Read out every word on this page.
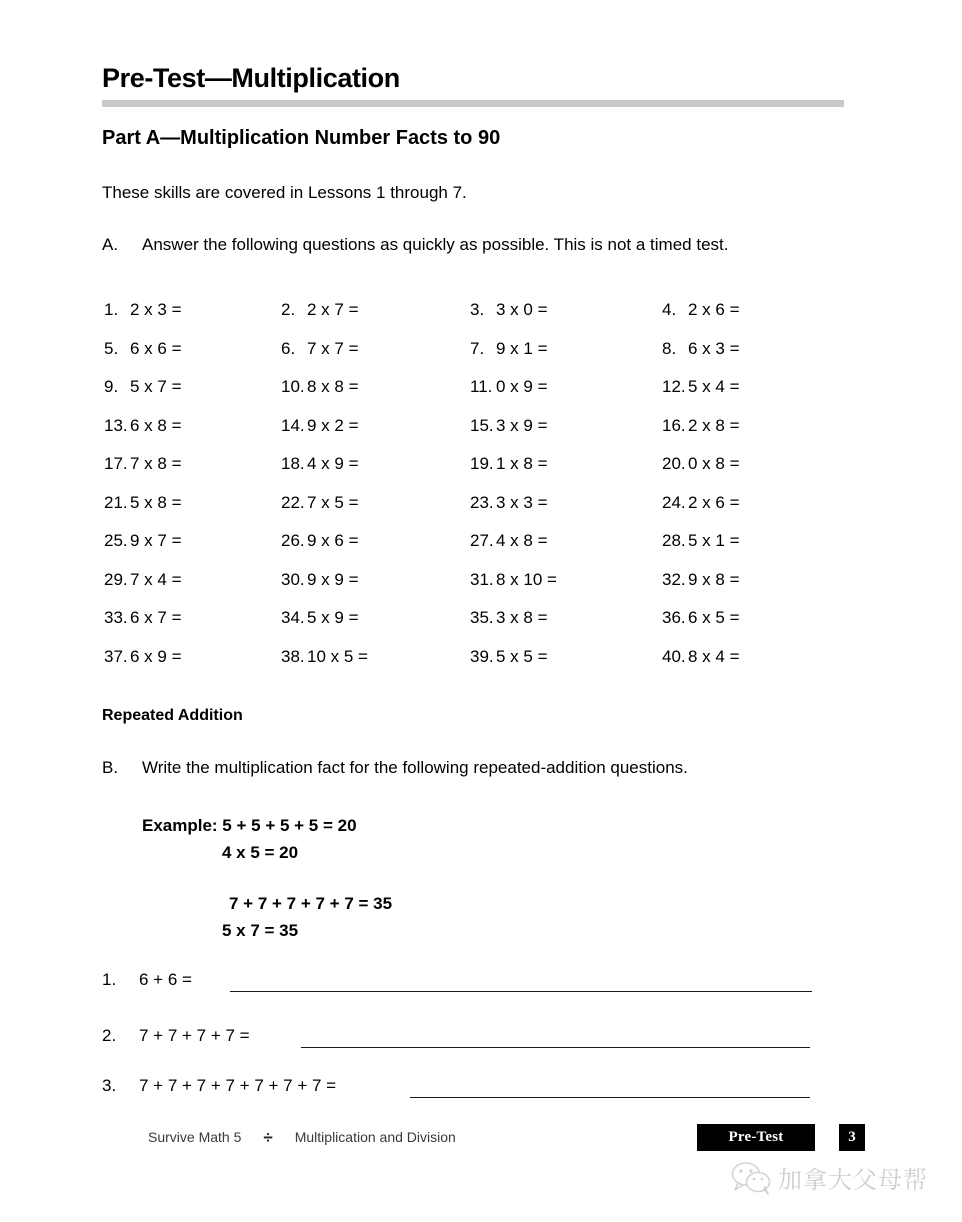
Pre-Test—Multiplication
Part A—Multiplication Number Facts to 90
These skills are covered in Lessons 1 through 7.
A. Answer the following questions as quickly as possible. This is not a timed test.
1. 2 x 3 =	2. 2 x 7 =	3. 3 x 0 =	4. 2 x 6 =
5. 6 x 6 =	6. 7 x 7 =	7. 9 x 1 =	8. 6 x 3 =
9. 5 x 7 =	10. 8 x 8 =	11. 0 x 9 =	12. 5 x 4 =
13. 6 x 8 =	14. 9 x 2 =	15. 3 x 9 =	16. 2 x 8 =
17. 7 x 8 =	18. 4 x 9 =	19. 1 x 8 =	20. 0 x 8 =
21. 5 x 8 =	22. 7 x 5 =	23. 3 x 3 =	24. 2 x 6 =
25. 9 x 7 =	26. 9 x 6 =	27. 4 x 8 =	28. 5 x 1 =
29. 7 x 4 =	30. 9 x 9 =	31. 8 x 10 =	32. 9 x 8 =
33. 6 x 7 =	34. 5 x 9 =	35. 3 x 8 =	36. 6 x 5 =
37. 6 x 9 =	38. 10 x 5 =	39. 5 x 5 =	40. 8 x 4 =
Repeated Addition
B. Write the multiplication fact for the following repeated-addition questions.
Example: 5 + 5 + 5 + 5 = 20
4 x 5 = 20
7 + 7 + 7 + 7 + 7 = 35
5 x 7 = 35
1. 6 + 6 =
2. 7 + 7 + 7 + 7 =
3. 7 + 7 + 7 + 7 + 7 + 7 + 7 =
Survive Math 5 ÷ Multiplication and Division	Pre-Test	3
加拿大父母帮
